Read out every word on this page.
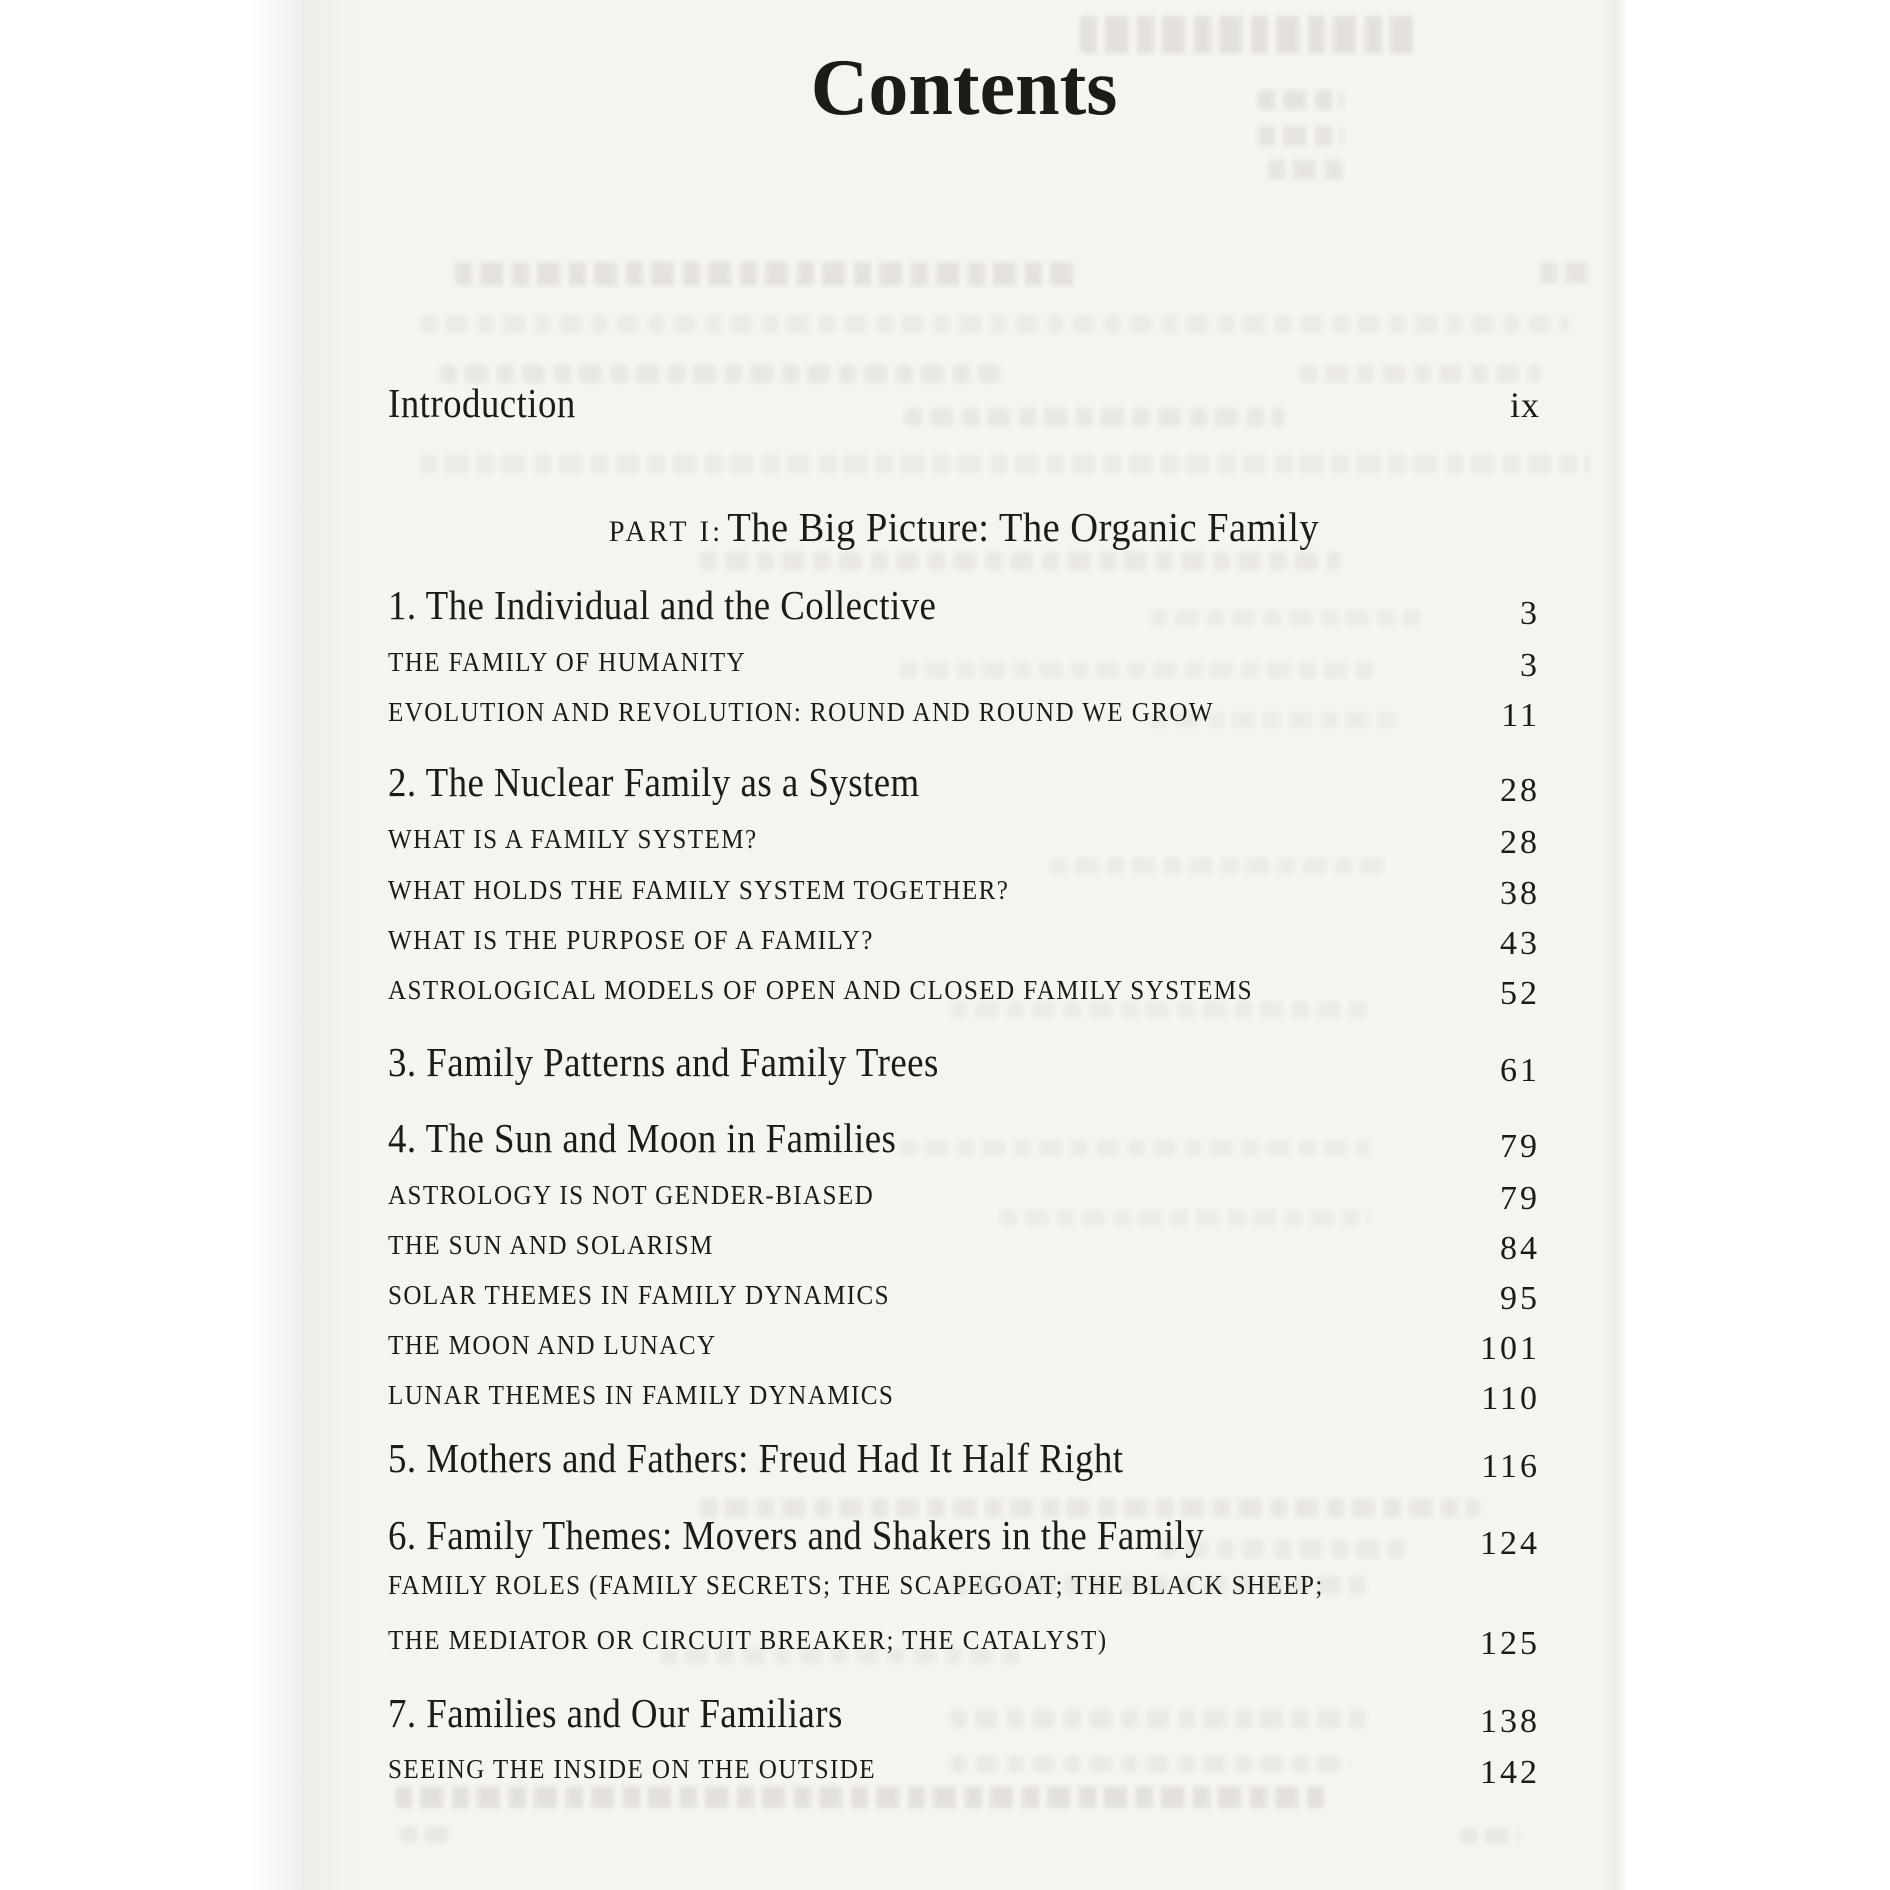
Contents
Introduction	ix
PART I: The Big Picture: The Organic Family
1. The Individual and the Collective	3
THE FAMILY OF HUMANITY	3
EVOLUTION AND REVOLUTION: ROUND AND ROUND WE GROW	11
2. The Nuclear Family as a System	28
WHAT IS A FAMILY SYSTEM?	28
WHAT HOLDS THE FAMILY SYSTEM TOGETHER?	38
WHAT IS THE PURPOSE OF A FAMILY?	43
ASTROLOGICAL MODELS OF OPEN AND CLOSED FAMILY SYSTEMS	52
3. Family Patterns and Family Trees	61
4. The Sun and Moon in Families	79
ASTROLOGY IS NOT GENDER-BIASED	79
THE SUN AND SOLARISM	84
SOLAR THEMES IN FAMILY DYNAMICS	95
THE MOON AND LUNACY	101
LUNAR THEMES IN FAMILY DYNAMICS	110
5. Mothers and Fathers: Freud Had It Half Right	116
6. Family Themes: Movers and Shakers in the Family	124
FAMILY ROLES (FAMILY SECRETS; THE SCAPEGOAT; THE BLACK SHEEP;
THE MEDIATOR OR CIRCUIT BREAKER; THE CATALYST)	125
7. Families and Our Familiars	138
SEEING THE INSIDE ON THE OUTSIDE	142
